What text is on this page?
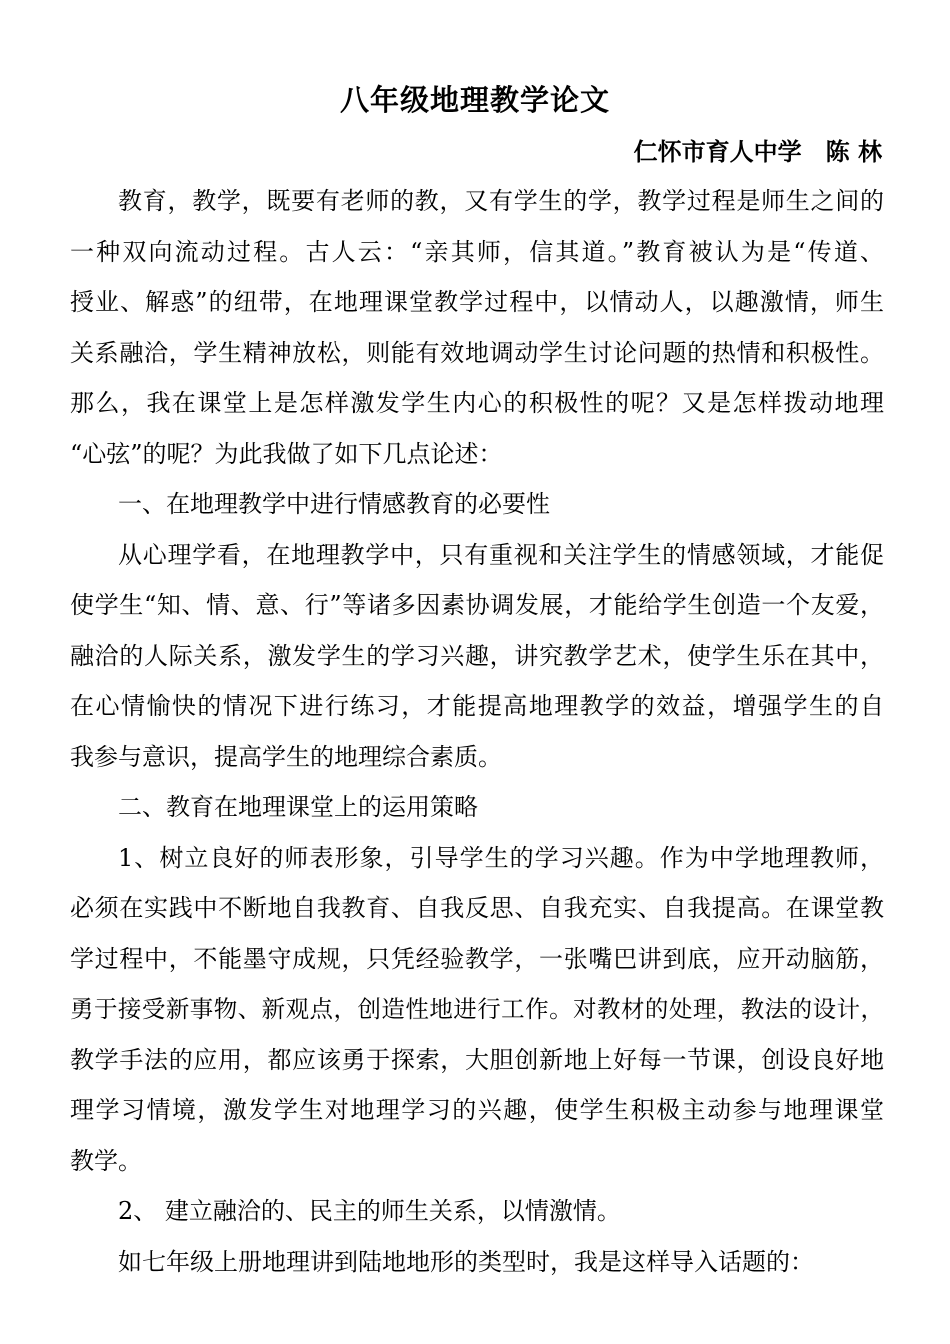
八年级地理教学论文
仁怀市育人中学　陈 林
教育，教学，既要有老师的教，又有学生的学，教学过程是师生之间的
一种双向流动过程。古人云：“亲其师，信其道。”教育被认为是“传道、
授业、解惑”的纽带，在地理课堂教学过程中，以情动人，以趣激情，师生
关系融洽，学生精神放松，则能有效地调动学生讨论问题的热情和积极性。
那么，我在课堂上是怎样激发学生内心的积极性的呢？又是怎样拨动地理
“心弦”的呢？为此我做了如下几点论述：
一、在地理教学中进行情感教育的必要性
从心理学看，在地理教学中，只有重视和关注学生的情感领域，才能促
使学生“知、情、意、行”等诸多因素协调发展，才能给学生创造一个友爱，
融洽的人际关系，激发学生的学习兴趣，讲究教学艺术，使学生乐在其中，
在心情愉快的情况下进行练习，才能提高地理教学的效益，增强学生的自
我参与意识，提高学生的地理综合素质。
二、教育在地理课堂上的运用策略
1、树立良好的师表形象，引导学生的学习兴趣。作为中学地理教师，
必须在实践中不断地自我教育、自我反思、自我充实、自我提高。在课堂教
学过程中，不能墨守成规，只凭经验教学，一张嘴巴讲到底，应开动脑筋，
勇于接受新事物、新观点，创造性地进行工作。对教材的处理，教法的设计，
教学手法的应用，都应该勇于探索，大胆创新地上好每一节课，创设良好地
理学习情境，激发学生对地理学习的兴趣，使学生积极主动参与地理课堂
教学。
2、 建立融洽的、民主的师生关系，以情激情。
如七年级上册地理讲到陆地地形的类型时，我是这样导入话题的：
